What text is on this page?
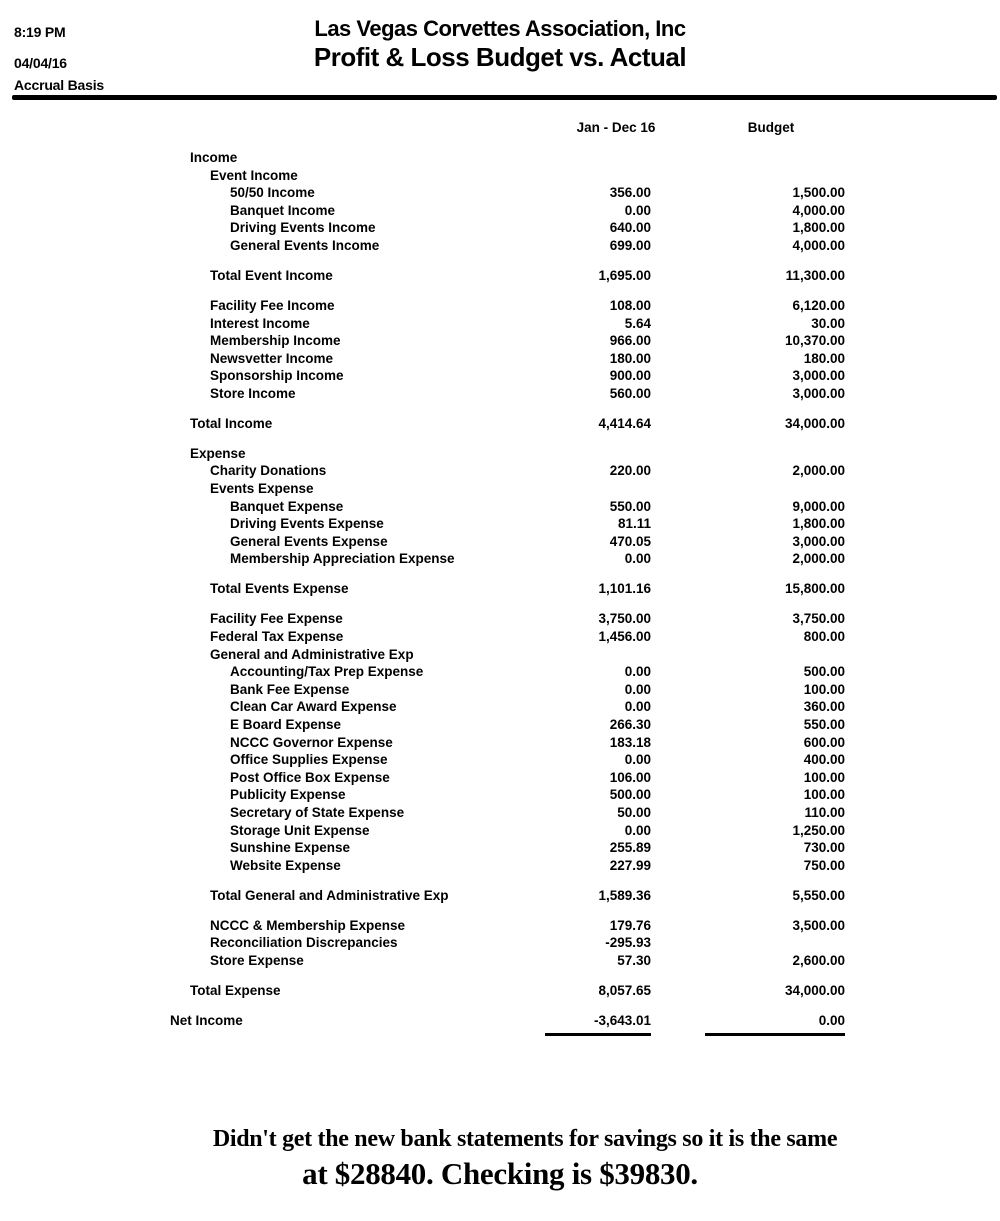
8:19 PM
04/04/16
Accrual Basis
Las Vegas Corvettes Association, Inc
Profit & Loss Budget vs. Actual
Jan - Dec 16	Budget
Income
Event Income
50/50 Income	356.00	1,500.00
Banquet Income	0.00	4,000.00
Driving Events Income	640.00	1,800.00
General Events Income	699.00	4,000.00
Total Event Income	1,695.00	11,300.00
Facility Fee Income	108.00	6,120.00
Interest Income	5.64	30.00
Membership Income	966.00	10,370.00
Newsvetter Income	180.00	180.00
Sponsorship Income	900.00	3,000.00
Store Income	560.00	3,000.00
Total Income	4,414.64	34,000.00
Expense
Charity Donations	220.00	2,000.00
Events Expense
Banquet Expense	550.00	9,000.00
Driving Events Expense	81.11	1,800.00
General Events Expense	470.05	3,000.00
Membership Appreciation Expense	0.00	2,000.00
Total Events Expense	1,101.16	15,800.00
Facility Fee Expense	3,750.00	3,750.00
Federal Tax Expense	1,456.00	800.00
General and Administrative Exp
Accounting/Tax Prep Expense	0.00	500.00
Bank Fee Expense	0.00	100.00
Clean Car Award Expense	0.00	360.00
E Board Expense	266.30	550.00
NCCC Governor Expense	183.18	600.00
Office Supplies Expense	0.00	400.00
Post Office Box Expense	106.00	100.00
Publicity Expense	500.00	100.00
Secretary of State Expense	50.00	110.00
Storage Unit Expense	0.00	1,250.00
Sunshine Expense	255.89	730.00
Website Expense	227.99	750.00
Total General and Administrative Exp	1,589.36	5,550.00
NCCC & Membership Expense	179.76	3,500.00
Reconciliation Discrepancies	-295.93
Store Expense	57.30	2,600.00
Total Expense	8,057.65	34,000.00
Net Income	-3,643.01	0.00
Didn't get the new bank statements for savings so it is the same
at $28840. Checking is $39830.
